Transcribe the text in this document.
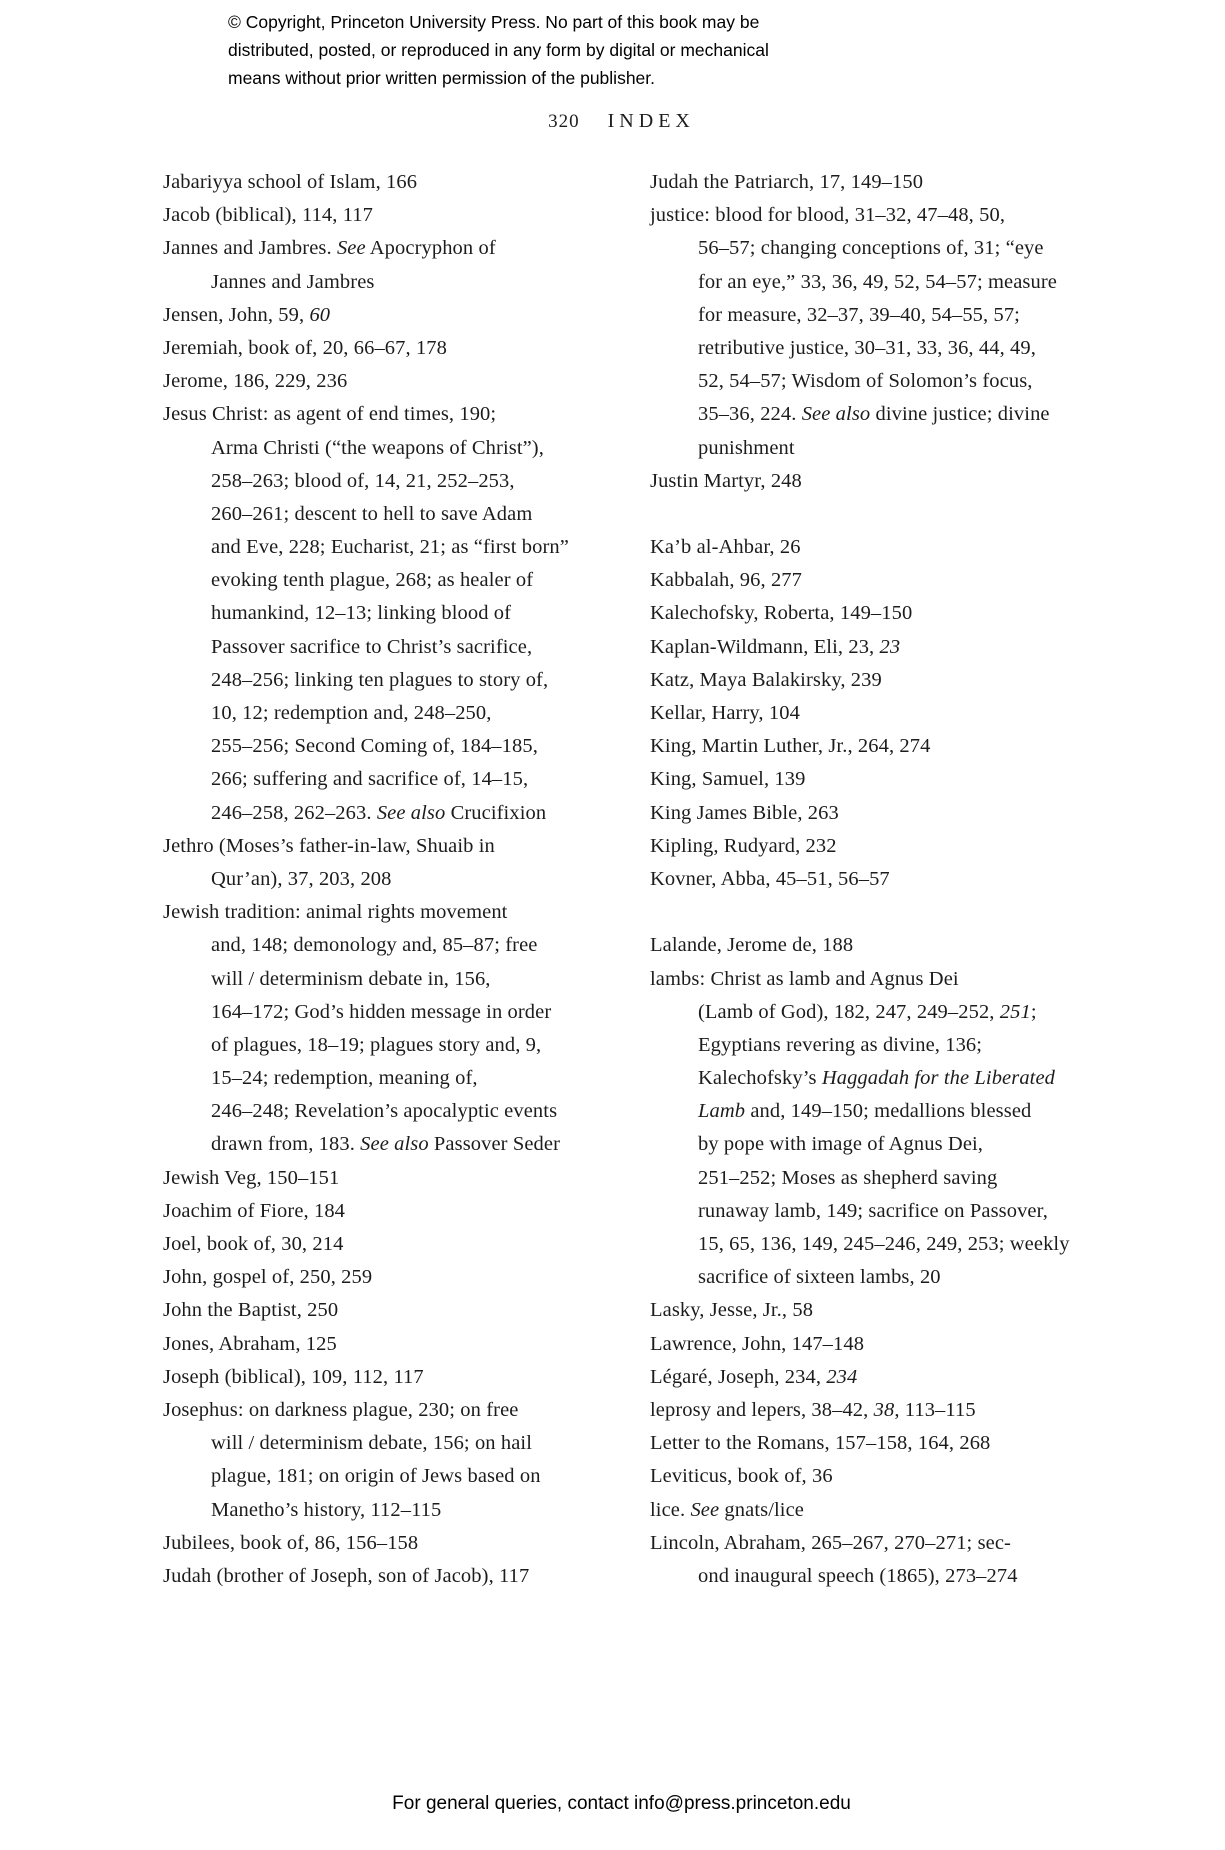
© Copyright, Princeton University Press. No part of this book may be
distributed, posted, or reproduced in any form by digital or mechanical
means without prior written permission of the publisher.
320 INDEX
Jabariyya school of Islam, 166
Jacob (biblical), 114, 117
Jannes and Jambres. See Apocryphon of
Jannes and Jambres
Jensen, John, 59, 60
Jeremiah, book of, 20, 66–67, 178
Jerome, 186, 229, 236
Jesus Christ: as agent of end times, 190;
Arma Christi (“the weapons of Christ”),
258–263; blood of, 14, 21, 252–253,
260–261; descent to hell to save Adam
and Eve, 228; Eucharist, 21; as “first born”
evoking tenth plague, 268; as healer of
humankind, 12–13; linking blood of
Passover sacrifice to Christ’s sacrifice,
248–256; linking ten plagues to story of,
10, 12; redemption and, 248–250,
255–256; Second Coming of, 184–185,
266; suffering and sacrifice of, 14–15,
246–258, 262–263. See also Crucifixion
Jethro (Moses’s father-in-law, Shuaib in
Qur’an), 37, 203, 208
Jewish tradition: animal rights movement
and, 148; demonology and, 85–87; free
will / determinism debate in, 156,
164–172; God’s hidden message in order
of plagues, 18–19; plagues story and, 9,
15–24; redemption, meaning of,
246–248; Revelation’s apocalyptic events
drawn from, 183. See also Passover Seder
Jewish Veg, 150–151
Joachim of Fiore, 184
Joel, book of, 30, 214
John, gospel of, 250, 259
John the Baptist, 250
Jones, Abraham, 125
Joseph (biblical), 109, 112, 117
Josephus: on darkness plague, 230; on free
will / determinism debate, 156; on hail
plague, 181; on origin of Jews based on
Manetho’s history, 112–115
Jubilees, book of, 86, 156–158
Judah (brother of Joseph, son of Jacob), 117
Judah the Patriarch, 17, 149–150
justice: blood for blood, 31–32, 47–48, 50,
56–57; changing conceptions of, 31; “eye
for an eye,” 33, 36, 49, 52, 54–57; measure
for measure, 32–37, 39–40, 54–55, 57;
retributive justice, 30–31, 33, 36, 44, 49,
52, 54–57; Wisdom of Solomon’s focus,
35–36, 224. See also divine justice; divine
punishment
Justin Martyr, 248
Ka’b al-Ahbar, 26
Kabbalah, 96, 277
Kalechofsky, Roberta, 149–150
Kaplan-Wildmann, Eli, 23, 23
Katz, Maya Balakirsky, 239
Kellar, Harry, 104
King, Martin Luther, Jr., 264, 274
King, Samuel, 139
King James Bible, 263
Kipling, Rudyard, 232
Kovner, Abba, 45–51, 56–57
Lalande, Jerome de, 188
lambs: Christ as lamb and Agnus Dei
(Lamb of God), 182, 247, 249–252, 251;
Egyptians revering as divine, 136;
Kalechofsky’s Haggadah for the Liberated
Lamb and, 149–150; medallions blessed
by pope with image of Agnus Dei,
251–252; Moses as shepherd saving
runaway lamb, 149; sacrifice on Passover,
15, 65, 136, 149, 245–246, 249, 253; weekly
sacrifice of sixteen lambs, 20
Lasky, Jesse, Jr., 58
Lawrence, John, 147–148
Légaré, Joseph, 234, 234
leprosy and lepers, 38–42, 38, 113–115
Letter to the Romans, 157–158, 164, 268
Leviticus, book of, 36
lice. See gnats/lice
Lincoln, Abraham, 265–267, 270–271; sec-
ond inaugural speech (1865), 273–274
For general queries, contact info@press.princeton.edu
